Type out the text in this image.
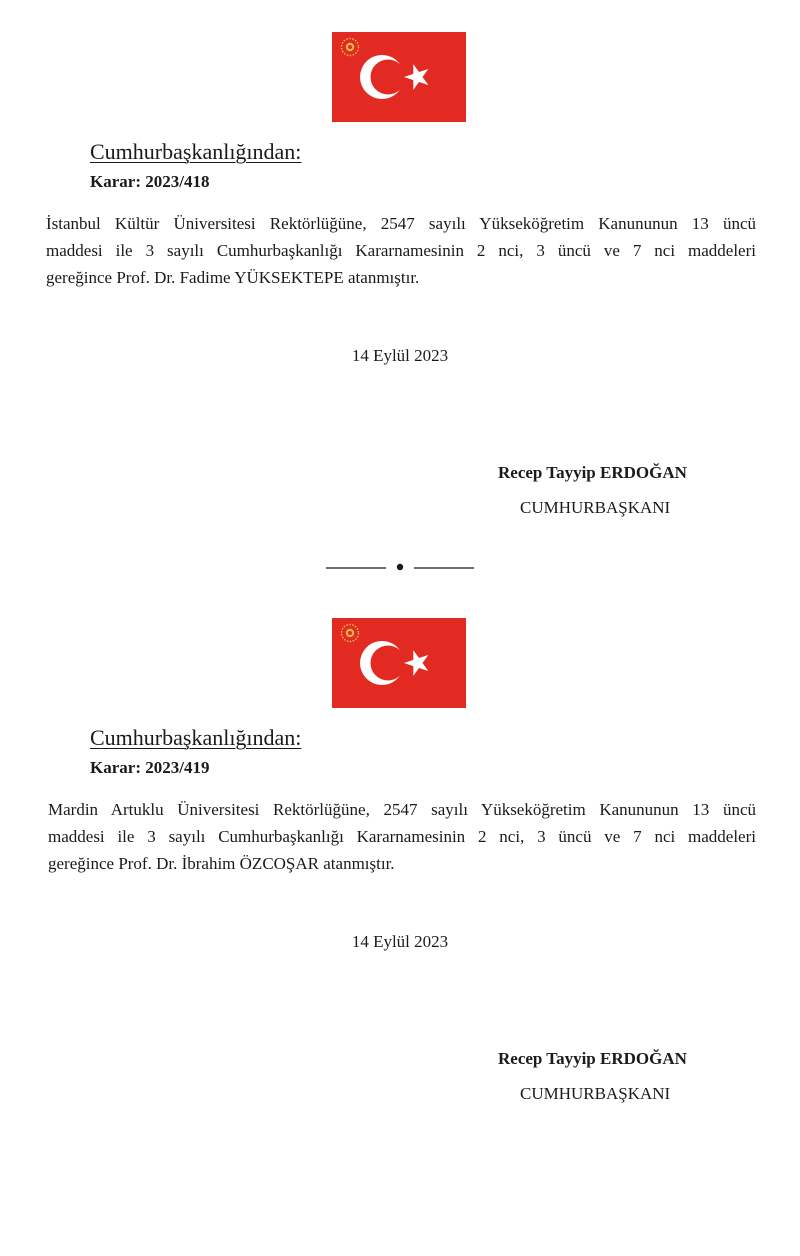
Cumhurbaşkanlığından:
Karar: 2023/418
İstanbul Kültür Üniversitesi Rektörlüğüne, 2547 sayılı Yükseköğretim Kanununun 13 üncü
maddesi ile 3 sayılı Cumhurbaşkanlığı Kararnamesinin 2 nci, 3 üncü ve 7 nci maddeleri
gereğince Prof. Dr. Fadime YÜKSEKTEPE atanmıştır.
14 Eylül 2023
Recep Tayyip ERDOĞAN
CUMHURBAŞKANI
Cumhurbaşkanlığından:
Karar: 2023/419
Mardin Artuklu Üniversitesi Rektörlüğüne, 2547 sayılı Yükseköğretim Kanununun 13 üncü
maddesi ile 3 sayılı Cumhurbaşkanlığı Kararnamesinin 2 nci, 3 üncü ve 7 nci maddeleri
gereğince Prof. Dr. İbrahim ÖZCOŞAR atanmıştır.
14 Eylül 2023
Recep Tayyip ERDOĞAN
CUMHURBAŞKANI
